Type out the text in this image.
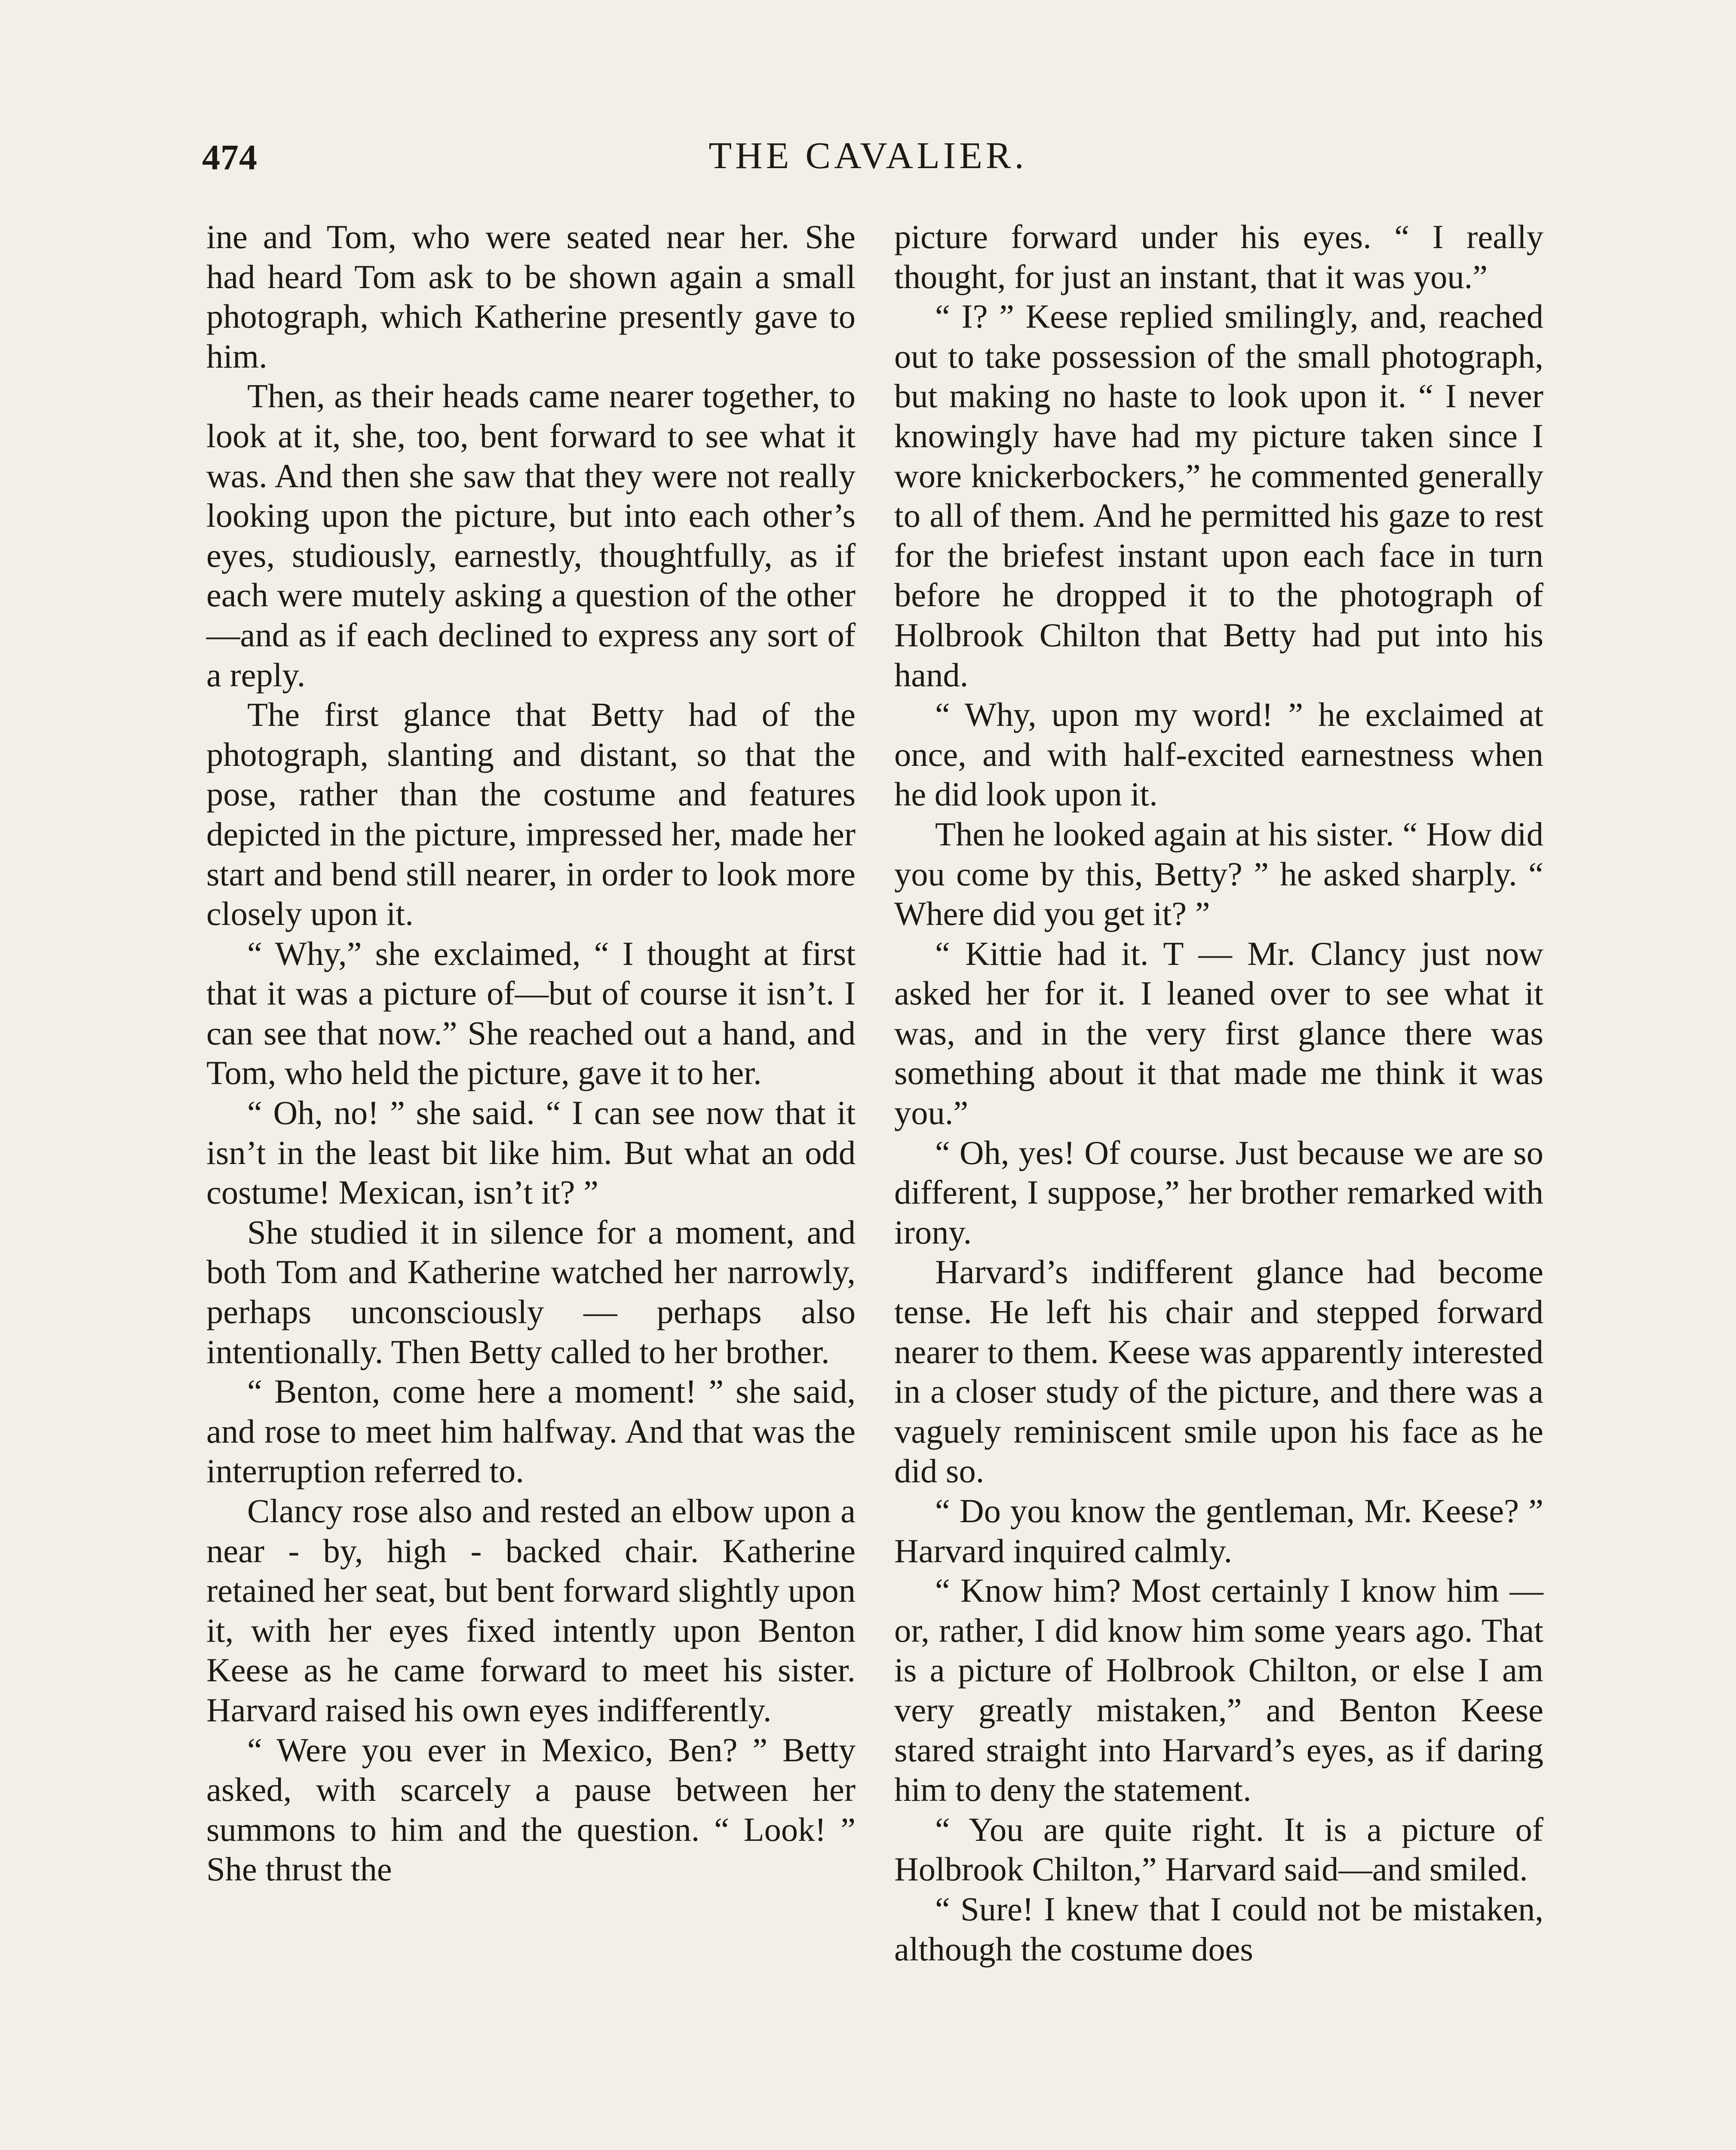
474	THE CAVALIER.

ine and Tom, who were seated near her. She had heard Tom ask to be shown again a small photograph, which Katherine presently gave to him.

Then, as their heads came nearer together, to look at it, she, too, bent forward to see what it was. And then she saw that they were not really looking upon the picture, but into each other’s eyes, studiously, earnestly, thoughtfully, as if each were mutely asking a question of the other—and as if each declined to express any sort of a reply.

The first glance that Betty had of the photograph, slanting and distant, so that the pose, rather than the costume and features depicted in the picture, impressed her, made her start and bend still nearer, in order to look more closely upon it.

“ Why,” she exclaimed, “ I thought at first that it was a picture of—but of course it isn’t. I can see that now.” She reached out a hand, and Tom, who held the picture, gave it to her.

“ Oh, no! ” she said. “ I can see now that it isn’t in the least bit like him. But what an odd costume! Mexican, isn’t it? ”

She studied it in silence for a moment, and both Tom and Katherine watched her narrowly, perhaps unconsciously — perhaps also intentionally. Then Betty called to her brother.

“ Benton, come here a moment! ” she said, and rose to meet him halfway. And that was the interruption referred to.

Clancy rose also and rested an elbow upon a near - by, high - backed chair. Katherine retained her seat, but bent forward slightly upon it, with her eyes fixed intently upon Benton Keese as he came forward to meet his sister. Harvard raised his own eyes indifferently.

“ Were you ever in Mexico, Ben? ” Betty asked, with scarcely a pause between her summons to him and the question. “ Look! ” She thrust the

picture forward under his eyes. “ I really thought, for just an instant, that it was you.”

“ I? ” Keese replied smilingly, and, reached out to take possession of the small photograph, but making no haste to look upon it. “ I never knowingly have had my picture taken since I wore knickerbockers,” he commented generally to all of them. And he permitted his gaze to rest for the briefest instant upon each face in turn before he dropped it to the photograph of Holbrook Chilton that Betty had put into his hand.

“ Why, upon my word! ” he exclaimed at once, and with half-excited earnestness when he did look upon it.

Then he looked again at his sister. “ How did you come by this, Betty? ” he asked sharply. “ Where did you get it? ”

“ Kittie had it. T — Mr. Clancy just now asked her for it. I leaned over to see what it was, and in the very first glance there was something about it that made me think it was you.”

“ Oh, yes! Of course. Just because we are so different, I suppose,” her brother remarked with irony.

Harvard’s indifferent glance had become tense. He left his chair and stepped forward nearer to them. Keese was apparently interested in a closer study of the picture, and there was a vaguely reminiscent smile upon his face as he did so.

“ Do you know the gentleman, Mr. Keese? ” Harvard inquired calmly.

“ Know him? Most certainly I know him — or, rather, I did know him some years ago. That is a picture of Holbrook Chilton, or else I am very greatly mistaken,” and Benton Keese stared straight into Harvard’s eyes, as if daring him to deny the statement.

“ You are quite right. It is a picture of Holbrook Chilton,” Harvard said—and smiled.

“ Sure! I knew that I could not be mistaken, although the costume does
